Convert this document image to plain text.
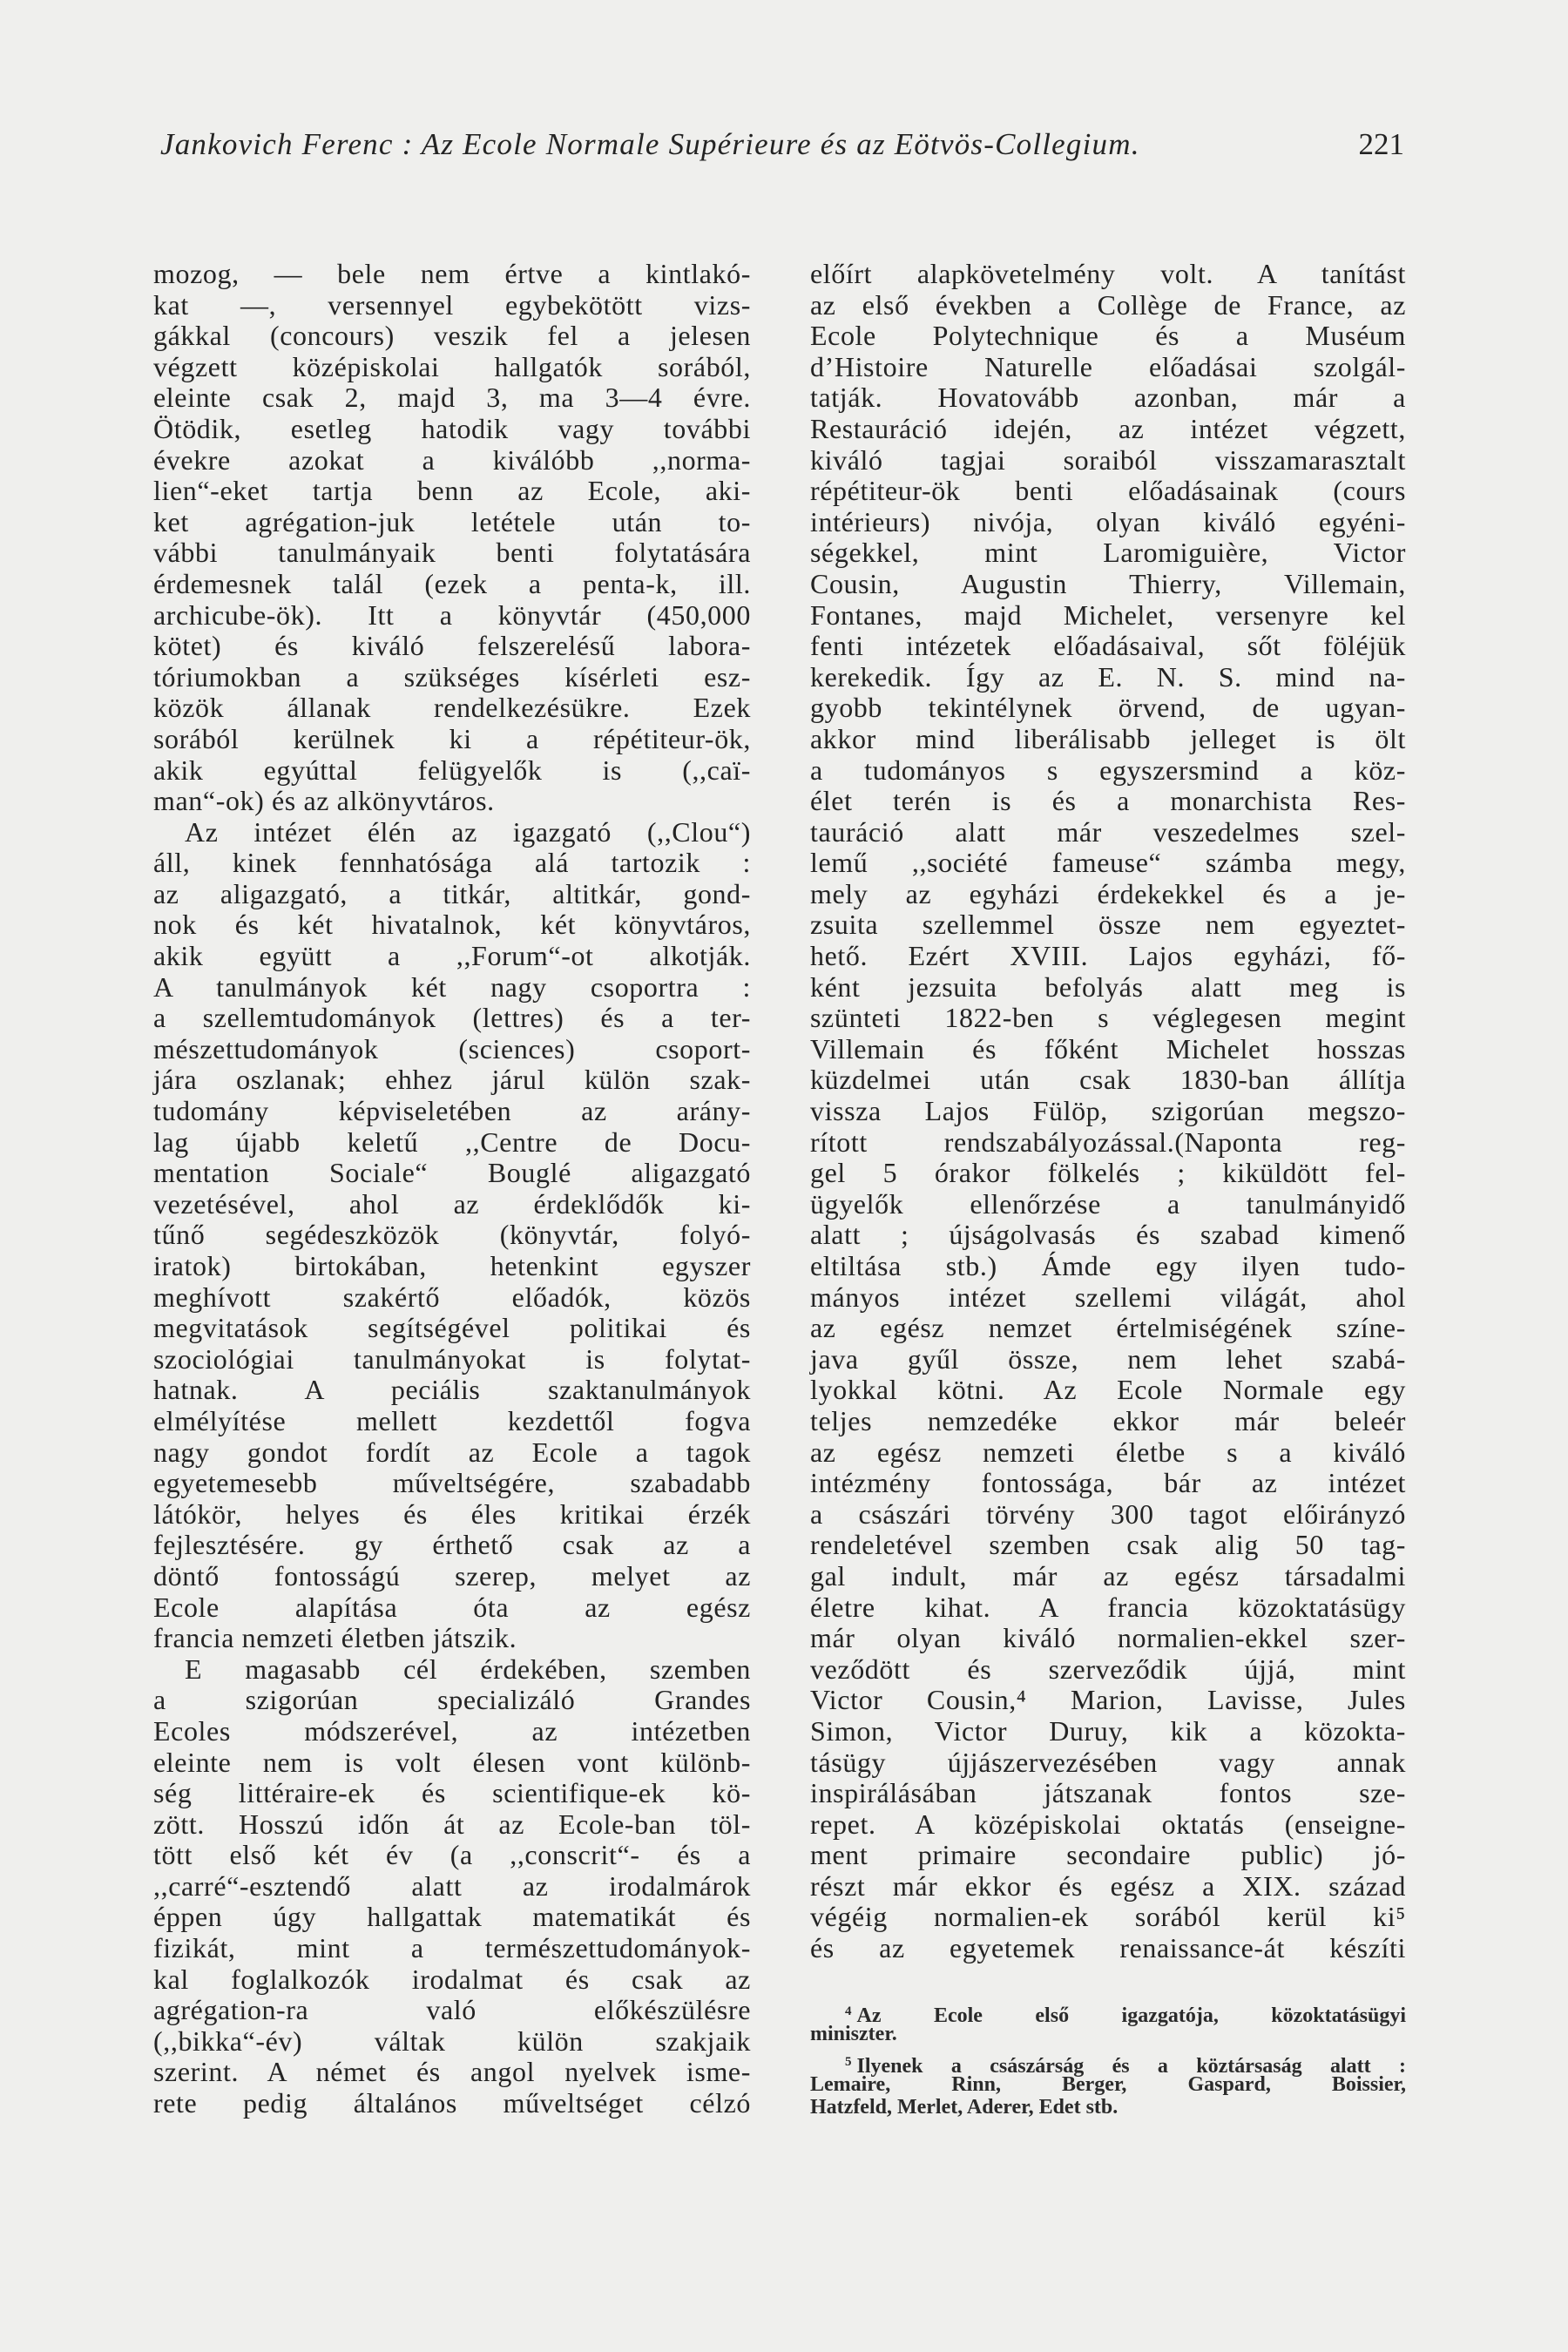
Jankovich Ferenc : Az Ecole Normale Supérieure és az Eötvös-Collegium.	221
mozog, — bele nem értve a kintlakó-
kat —, versennyel egybekötött vizs-
gákkal (concours) veszik fel a jelesen
végzett középiskolai hallgatók sorából,
eleinte csak 2, majd 3, ma 3—4 évre.
Ötödik, esetleg hatodik vagy további
évekre azokat a kiválóbb ,,norma-
lien“-eket tartja benn az Ecole, aki-
ket agrégation-juk letétele után to-
vábbi tanulmányaik benti folytatására
érdemesnek talál (ezek a penta-k, ill.
archicube-ök). Itt a könyvtár (450,000
kötet) és kiváló felszerelésű labora-
tóriumokban a szükséges kísérleti esz-
közök állanak rendelkezésükre. Ezek
sorából kerülnek ki a répétiteur-ök,
akik egyúttal felügyelők is (,,caï-
man“-ok) és az alkönyvtáros.
Az intézet élén az igazgató (,,Clou“)
áll, kinek fennhatósága alá tartozik :
az aligazgató, a titkár, altitkár, gond-
nok és két hivatalnok, két könyvtáros,
akik együtt a ,,Forum“-ot alkotják.
A tanulmányok két nagy csoportra :
a szellemtudományok (lettres) és a ter-
mészettudományok (sciences) csoport-
jára oszlanak; ehhez járul külön szak-
tudomány képviseletében az arány-
lag újabb keletű ,,Centre de Docu-
mentation Sociale“ Bouglé aligazgató
vezetésével, ahol az érdeklődők ki-
tűnő segédeszközök (könyvtár, folyó-
iratok) birtokában, hetenkint egyszer
meghívott szakértő előadók, közös
megvitatások segítségével politikai és
szociológiai tanulmányokat is folytat-
hatnak. A peciális szaktanulmányok
elmélyítése mellett kezdettől fogva
nagy gondot fordít az Ecole a tagok
egyetemesebb műveltségére, szabadabb
látókör, helyes és éles kritikai érzék
fejlesztésére. gy érthető csak az a
döntő fontosságú szerep, melyet az
Ecole alapítása óta az egész
francia nemzeti életben játszik.
E magasabb cél érdekében, szemben
a szigorúan specializáló Grandes
Ecoles módszerével, az intézetben
eleinte nem is volt élesen vont különb-
ség littéraire-ek és scientifique-ek kö-
zött. Hosszú időn át az Ecole-ban töl-
tött első két év (a ,,conscrit“- és a
,,carré“-esztendő alatt az irodalmárok
éppen úgy hallgattak matematikát és
fizikát, mint a természettudományok-
kal foglalkozók irodalmat és csak az
agrégation-ra való előkészülésre
(,,bikka“-év) váltak külön szakjaik
szerint. A német és angol nyelvek isme-
rete pedig általános műveltséget célzó
előírt alapkövetelmény volt. A tanítást
az első években a Collège de France, az
Ecole Polytechnique és a Muséum
d’Histoire Naturelle előadásai szolgál-
tatják. Hovatovább azonban, már a
Restauráció idején, az intézet végzett,
kiváló tagjai soraiból visszamarasztalt
répétiteur-ök benti előadásainak (cours
intérieurs) nivója, olyan kiváló egyéni-
ségekkel, mint Laromiguière, Victor
Cousin, Augustin Thierry, Villemain,
Fontanes, majd Michelet, versenyre kel
fenti intézetek előadásaival, sőt föléjük
kerekedik. Így az E. N. S. mind na-
gyobb tekintélynek örvend, de ugyan-
akkor mind liberálisabb jelleget is ölt
a tudományos s egyszersmind a köz-
élet terén is és a monarchista Res-
tauráció alatt már veszedelmes szel-
lemű ,,société fameuse“ számba megy,
mely az egyházi érdekekkel és a je-
zsuita szellemmel össze nem egyeztet-
hető. Ezért XVIII. Lajos egyházi, fő-
ként jezsuita befolyás alatt meg is
szünteti 1822-ben s véglegesen megint
Villemain és főként Michelet hosszas
küzdelmei után csak 1830-ban állítja
vissza Lajos Fülöp, szigorúan megszo-
rított rendszabályozással.(Naponta reg-
gel 5 órakor fölkelés ; kiküldött fel-
ügyelők ellenőrzése a tanulmányidő
alatt ; újságolvasás és szabad kimenő
eltiltása stb.) Ámde egy ilyen tudo-
mányos intézet szellemi világát, ahol
az egész nemzet értelmiségének színe-
java gyűl össze, nem lehet szabá-
lyokkal kötni. Az Ecole Normale egy
teljes nemzedéke ekkor már beleér
az egész nemzeti életbe s a kiváló
intézmény fontossága, bár az intézet
a császári törvény 300 tagot előirányzó
rendeletével szemben csak alig 50 tag-
gal indult, már az egész társadalmi
életre kihat. A francia közoktatásügy
már olyan kiváló normalien-ekkel szer-
veződött és szerveződik újjá, mint
Victor Cousin,⁴ Marion, Lavisse, Jules
Simon, Victor Duruy, kik a közokta-
tásügy újjászervezésében vagy annak
inspirálásában játszanak fontos sze-
repet. A középiskolai oktatás (enseigne-
ment primaire secondaire public) jó-
részt már ekkor és egész a XIX. század
végéig normalien-ek sorából kerül ki⁵
és az egyetemek renaissance-át készíti
$^4$ Az Ecole első igazgatója, közoktatásügyi
miniszter.
$^5$ Ilyenek a császárság és a köztársaság alatt :
Lemaire, Rinn, Berger, Gaspard, Boissier,
Hatzfeld, Merlet, Aderer, Edet stb.
